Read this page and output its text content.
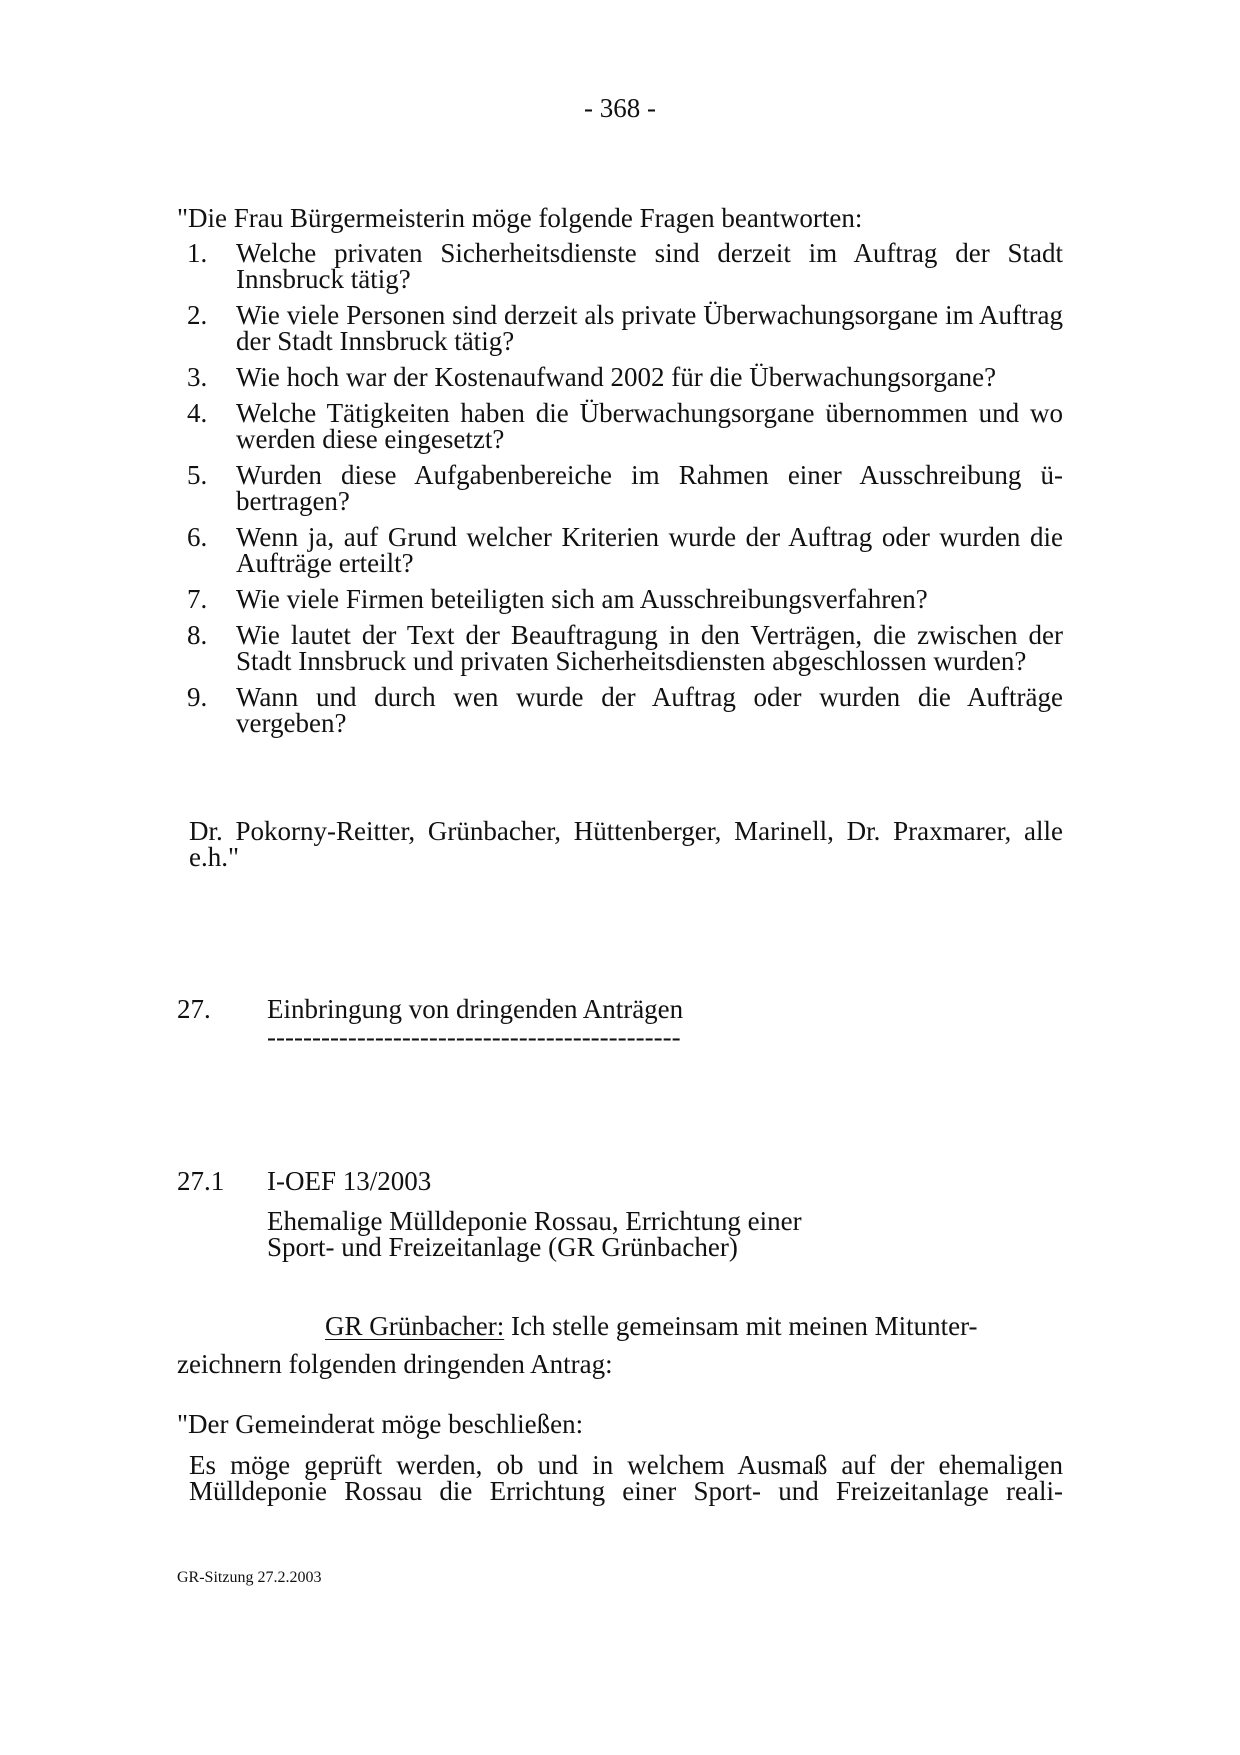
- 368 -
"Die Frau Bürgermeisterin möge folgende Fragen beantworten:
1.	Welche privaten Sicherheitsdienste sind derzeit im Auftrag der Stadt Innsbruck tätig?
2.	Wie viele Personen sind derzeit als private Überwachungsorgane im Auftrag der Stadt Innsbruck tätig?
3.	Wie hoch war der Kostenaufwand 2002 für die Überwachungsorgane?
4.	Welche Tätigkeiten haben die Überwachungsorgane übernommen und wo werden diese eingesetzt?
5.	Wurden diese Aufgabenbereiche im Rahmen einer Ausschreibung ü-bertragen?
6.	Wenn ja, auf Grund welcher Kriterien wurde der Auftrag oder wurden die Aufträge erteilt?
7.	Wie viele Firmen beteiligten sich am Ausschreibungsverfahren?
8.	Wie lautet der Text der Beauftragung in den Verträgen, die zwischen der Stadt Innsbruck und privaten Sicherheitsdiensten abgeschlossen wurden?
9.	Wann und durch wen wurde der Auftrag oder wurden die Aufträge vergeben?
Dr. Pokorny-Reitter, Grünbacher, Hüttenberger, Marinell, Dr. Praxmarer, alle e.h."
27. Einbringung von dringenden Anträgen
----------------------------------------------
27.1 I-OEF 13/2003
Ehemalige Mülldeponie Rossau, Errichtung einer
Sport- und Freizeitanlage (GR Grünbacher)
GR Grünbacher: Ich stelle gemeinsam mit meinen Mitunter-
zeichnern folgenden dringenden Antrag:
"Der Gemeinderat möge beschließen:
Es möge geprüft werden, ob und in welchem Ausmaß auf der ehemaligen Mülldeponie Rossau die Errichtung einer Sport- und Freizeitanlage reali-
GR-Sitzung 27.2.2003
